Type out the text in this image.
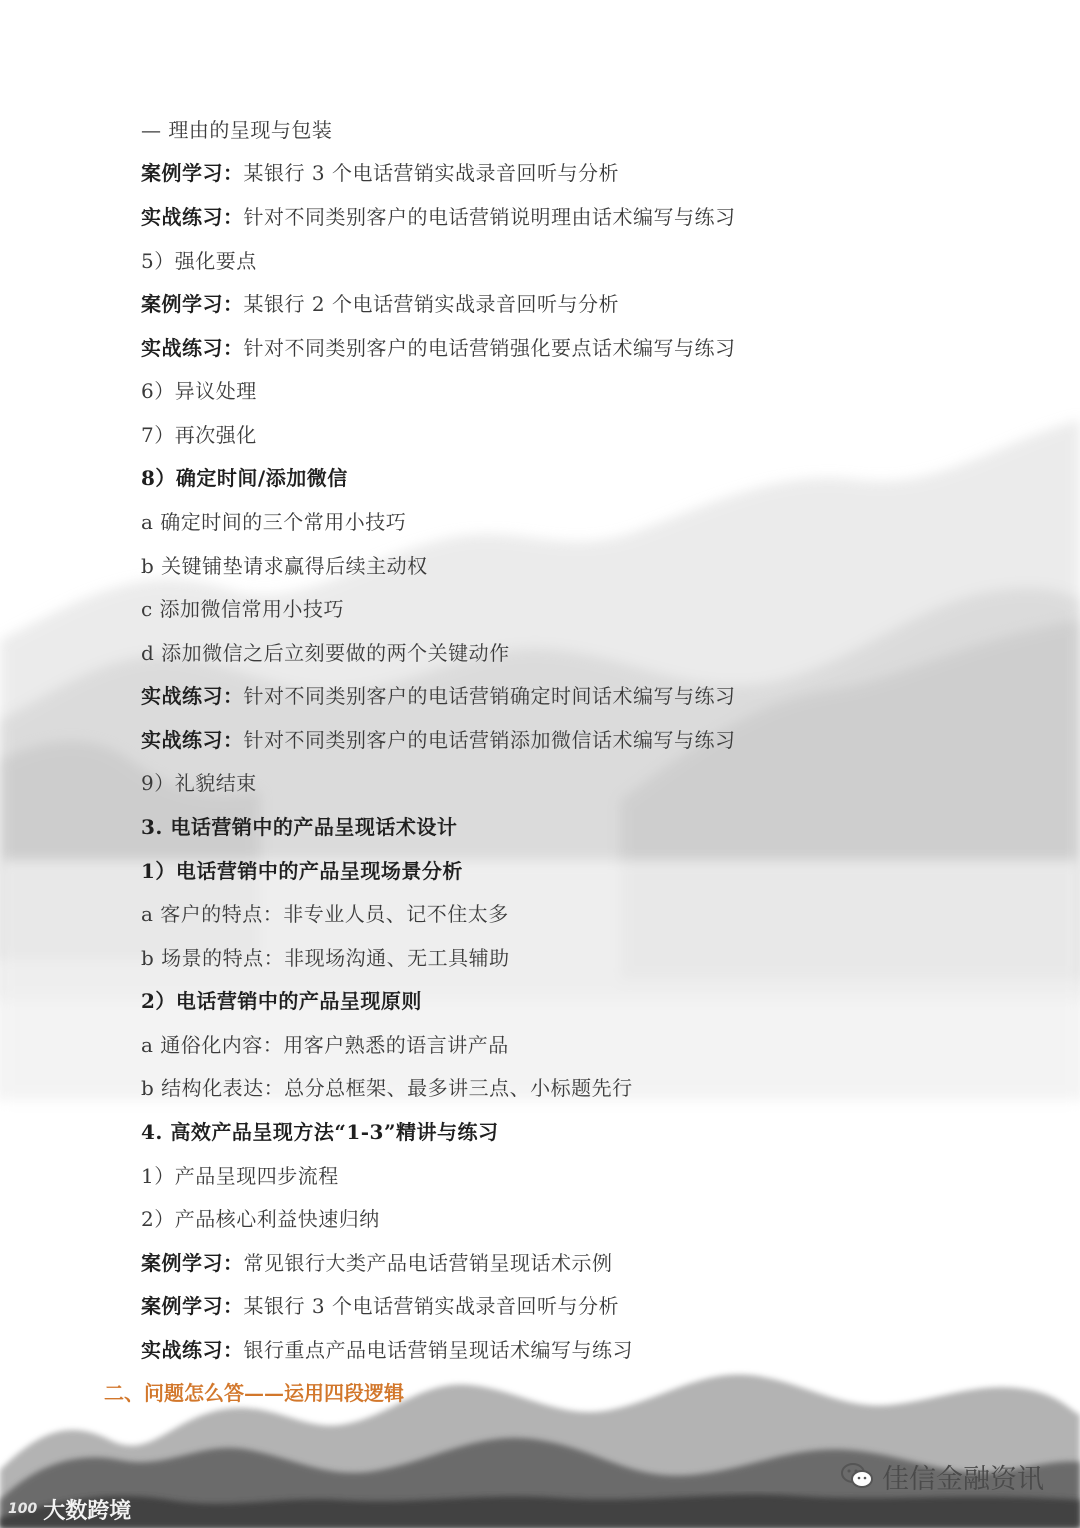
— 理由的呈现与包装
案例学习：某银行 3 个电话营销实战录音回听与分析
实战练习：针对不同类别客户的电话营销说明理由话术编写与练习
5）强化要点
案例学习：某银行 2 个电话营销实战录音回听与分析
实战练习：针对不同类别客户的电话营销强化要点话术编写与练习
6）异议处理
7）再次强化
8）确定时间/添加微信
a 确定时间的三个常用小技巧
b 关键铺垫请求赢得后续主动权
c 添加微信常用小技巧
d 添加微信之后立刻要做的两个关键动作
实战练习：针对不同类别客户的电话营销确定时间话术编写与练习
实战练习：针对不同类别客户的电话营销添加微信话术编写与练习
9）礼貌结束
3. 电话营销中的产品呈现话术设计
1）电话营销中的产品呈现场景分析
a 客户的特点：非专业人员、记不住太多
b 场景的特点：非现场沟通、无工具辅助
2）电话营销中的产品呈现原则
a 通俗化内容：用客户熟悉的语言讲产品
b 结构化表达：总分总框架、最多讲三点、小标题先行
4. 高效产品呈现方法“1-3”精讲与练习
1）产品呈现四步流程
2）产品核心利益快速归纳
案例学习：常见银行大类产品电话营销呈现话术示例
案例学习：某银行 3 个电话营销实战录音回听与分析
实战练习：银行重点产品电话营销呈现话术编写与练习
二、问题怎么答——运用四段逻辑
佳信金融资讯
100 大数跨境
